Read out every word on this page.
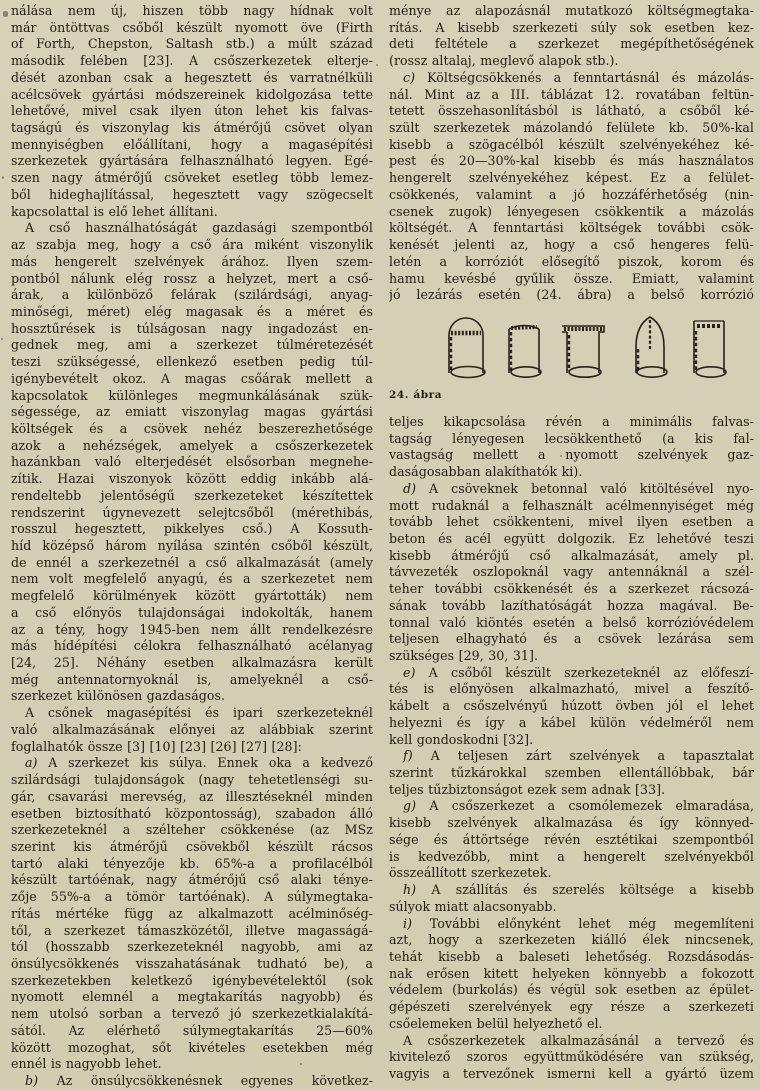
nálása nem új, hiszen több nagy hídnak volt
már öntöttvas csőből készült nyomott öve (Firth
of Forth, Chepston, Saltash stb.) a múlt század
második felében [23]. A csőszerkezetek elterje-
dését azonban csak a hegesztett és varratnélküli
acélcsövek gyártási módszereinek kidolgozása tette
lehetővé, mivel csak ilyen úton lehet kis falvas-
tagságú és viszonylag kis átmérőjű csövet olyan
mennyiségben előállítani, hogy a magasépítési
szerkezetek gyártására felhasználható legyen. Egé-
szen nagy átmérőjű csöveket esetleg több lemez-
ből hideghajlítással, hegesztett vagy szögecselt
kapcsolattal is elő lehet állítani.
A cső használhatóságát gazdasági szempontból
az szabja meg, hogy a cső ára miként viszonylik
más hengerelt szelvények árához. Ilyen szem-
pontból nálunk elég rossz a helyzet, mert a cső-
árak, a különböző felárak (szilárdsági, anyag-
minőségi, méret) elég magasak és a méret és
hossztűrések is túlságosan nagy ingadozást en-
gednek meg, ami a szerkezet túlméretezését
teszi szükségessé, ellenkező esetben pedig túl-
igénybevételt okoz. A magas csőárak mellett a
kapcsolatok különleges megmunkálásának szük-
ségessége, az emiatt viszonylag magas gyártási
költségek és a csövek nehéz beszerezhetősége
azok a nehézségek, amelyek a csőszerkezetek
hazánkban való elterjedését elsősorban megnehe-
zítik. Hazai viszonyok között eddig inkább alá-
rendeltebb jelentőségű szerkezeteket készítettek
rendszerint úgynevezett selejtcsőből (mérethibás,
rosszul hegesztett, pikkelyes cső.) A Kossuth-
híd középső három nyílása szintén csőből készült,
de ennél a szerkezetnél a cső alkalmazását (amely
nem volt megfelelő anyagú, és a szerkezetet nem
megfelelő körülmények között gyártották) nem
a cső előnyös tulajdonságai indokolták, hanem
az a tény, hogy 1945-ben nem állt rendelkezésre
más hídépítési célokra felhasználható acélanyag
[24, 25]. Néhány esetben alkalmazásra került
még antennatornyoknál is, amelyeknél a cső-
szerkezet különösen gazdaságos.
A csőnek magasépítési és ipari szerkezeteknél
való alkalmazásának előnyei az alábbiak szerint
foglalhatók össze [3] [10] [23] [26] [27] [28]:
a) A szerkezet kis súlya. Ennek oka a kedvező
szilárdsági tulajdonságok (nagy tehetetlenségi su-
gár, csavarási merevség, az illesztéseknél minden
esetben biztosítható központosság), szabadon álló
szerkezeteknél a szélteher csökkenése (az MSz
szerint kis átmérőjű csövekből készült rácsos
tartó alaki tényezője kb. 65%-a a profilacélból
készült tartóénak, nagy átmérőjű cső alaki ténye-
zője 55%-a a tömör tartóénak). A súlymegtaka-
rítás mértéke függ az alkalmazott acélminőség-
től, a szerkezet támaszközétől, illetve magasságá-
tól (hosszabb szerkezeteknél nagyobb, ami az
önsúlycsökkenés visszahatásának tudható be), a
szerkezetekben keletkező igénybevételektől (sok
nyomott elemnél a megtakarítás nagyobb) és
nem utolsó sorban a tervező jó szerkezetkialakítá-
sától. Az elérhető súlymegtakarítás 25—60%
között mozoghat, sőt kivételes esetekben még
ennél is nagyobb lehet.
b) Az önsúlycsökkenésnek egyenes következ-
ménye az alapozásnál mutatkozó költségmegtaka-
rítás. A kisebb szerkezeti súly sok esetben kez-
deti feltétele a szerkezet megépíthetőségének
(rossz altalaj, meglevő alapok stb.).
c) Költségcsökkenés a fenntartásnál és mázolás-
nál. Mint az a III. táblázat 12. rovatában feltün-
tetett összehasonlításból is látható, a csőből ké-
szült szerkezetek mázolandó felülete kb. 50%-kal
kisebb a szögacélból készült szelvényekéhez ké-
pest és 20—30%-kal kisebb és más használatos
hengerelt szelvényekéhez képest. Ez a felület-
csökkenés, valamint a jó hozzáférhetőség (nin-
csenek zugok) lényegesen csökkentik a mázolás
költségét. A fenntartási költségek további csök-
kenését jelenti az, hogy a cső hengeres felü-
letén a korróziót elősegítő piszok, korom és
hamu kevésbé gyűlik össze. Emiatt, valamint
jó lezárás esetén (24. ábra) a belső korrózió
24. ábra
teljes kikapcsolása révén a minimális falvas-
tagság lényegesen lecsökkenthető (a kis fal-
vastagság mellett a nyomott szelvények gaz-
daságosabban alakíthatók ki).
d) A csöveknek betonnal való kitöltésével nyo-
mott rudaknál a felhasznált acélmennyiséget még
tovább lehet csökkenteni, mivel ilyen esetben a
beton és acél együtt dolgozik. Ez lehetővé teszi
kisebb átmérőjű cső alkalmazását, amely pl.
távvezeték oszlopoknál vagy antennáknál a szél-
teher további csökkenését és a szerkezet rácsozá-
sának tovább lazíthatóságát hozza magával. Be-
tonnal való kiöntés esetén a belső korrózióvédelem
teljesen elhagyható és a csövek lezárása sem
szükséges [29, 30, 31].
e) A csőből készült szerkezeteknél az előfeszí-
tés is előnyösen alkalmazható, mivel a feszítő-
kábelt a csőszelvényű húzott övben jól el lehet
helyezni és így a kábel külön védelméről nem
kell gondoskodni [32].
f) A teljesen zárt szelvények a tapasztalat
szerint tűzkárokkal szemben ellentállóbbak, bár
teljes tűzbiztonságot ezek sem adnak [33].
g) A csőszerkezet a csomólemezek elmaradása,
kisebb szelvények alkalmazása és így könnyed-
sége és áttörtsége révén esztétikai szempontból
is kedvezőbb, mint a hengerelt szelvényekből
összeállított szerkezetek.
h) A szállítás és szerelés költsége a kisebb
súlyok miatt alacsonyabb.
i) További előnyként lehet még megemlíteni
azt, hogy a szerkezeten kiálló élek nincsenek,
tehát kisebb a baleseti lehetőség. Rozsdásodás-
nak erősen kitett helyeken könnyebb a fokozott
védelem (burkolás) és végül sok esetben az épület-
gépészeti szerelvények egy része a szerkezeti
csőelemeken belül helyezhető el.
A csőszerkezetek alkalmazásánál a tervező és
kivitelező szoros együttműködésére van szükség,
vagyis a tervezőnek ismerni kell a gyártó üzem
